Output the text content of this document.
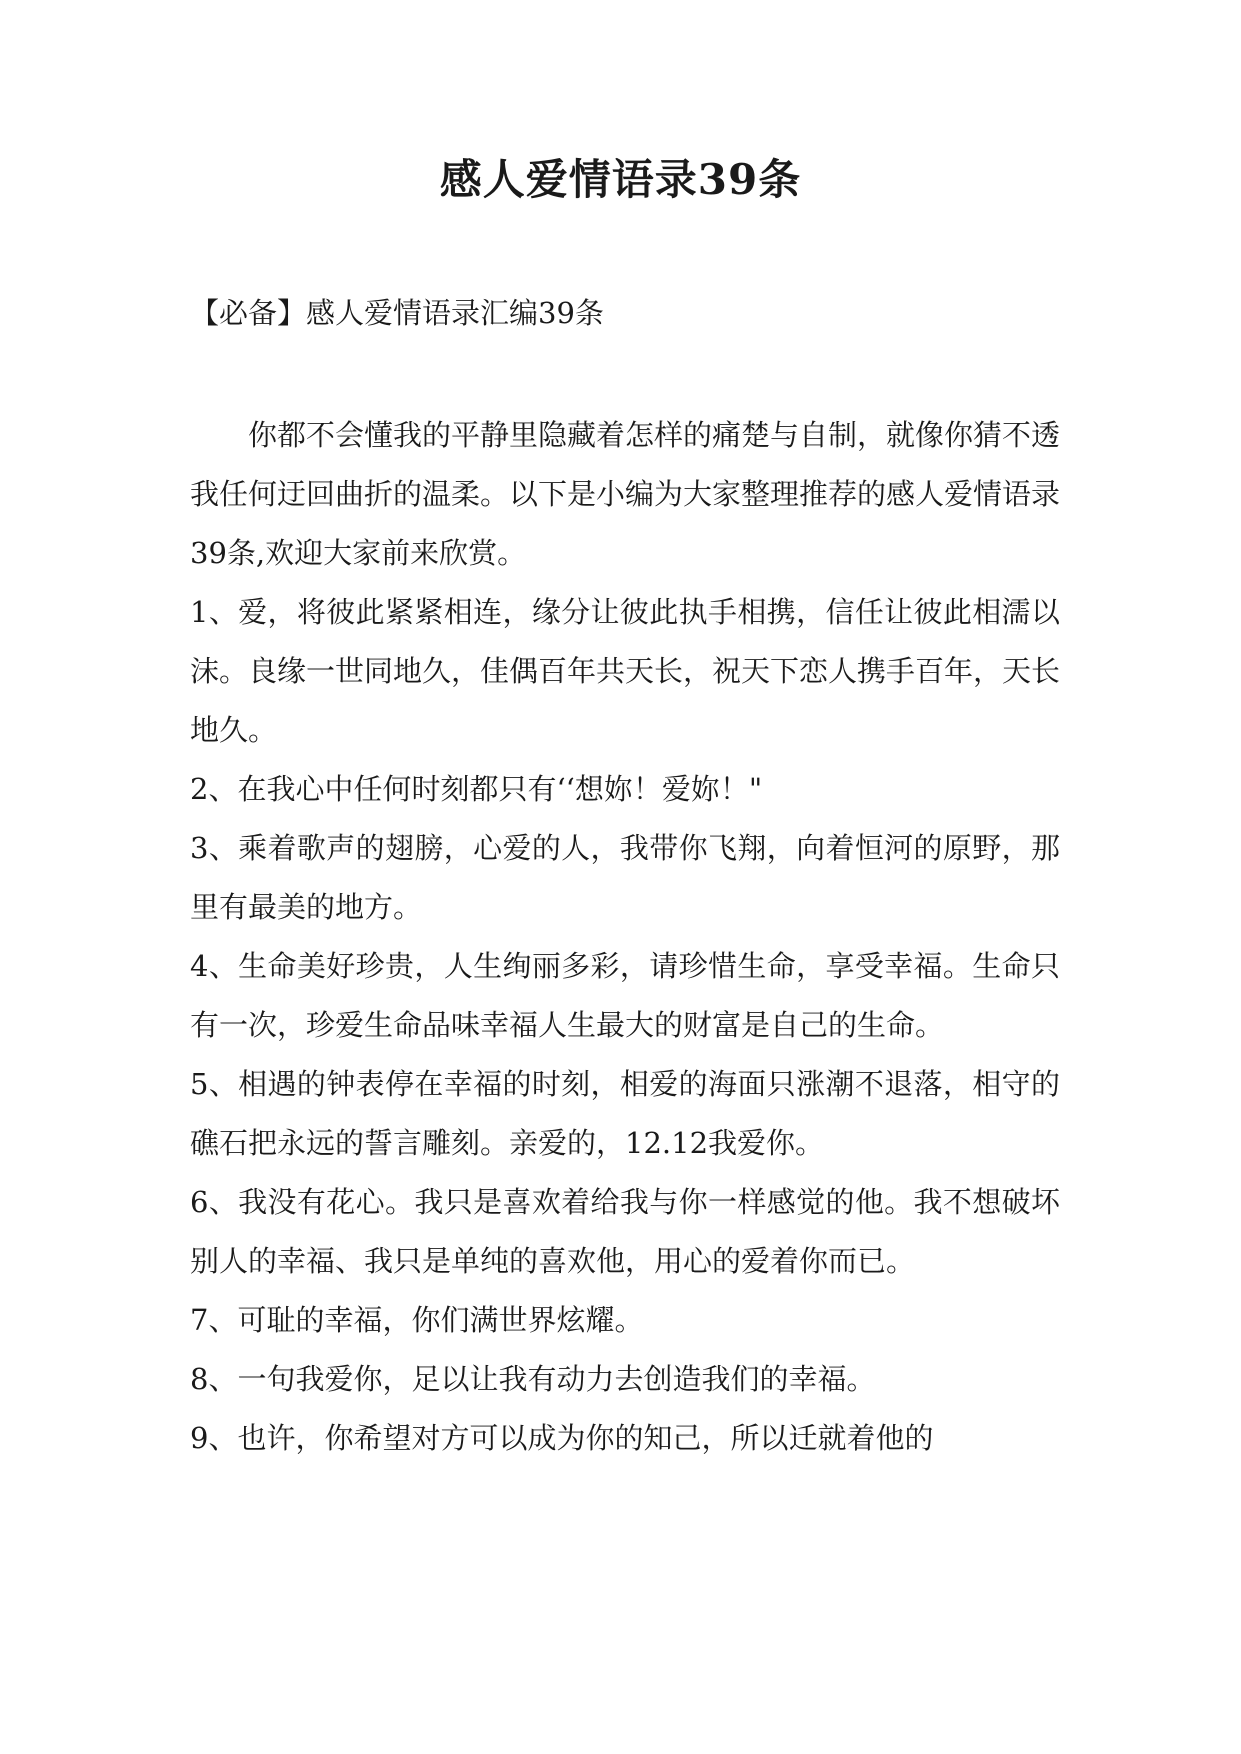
感人爱情语录39条
【必备】感人爱情语录汇编39条

你都不会懂我的平静里隐藏着怎样的痛楚与自制，就像你猜不透我任何迂回曲折的温柔。以下是小编为大家整理推荐的感人爱情语录39条,欢迎大家前来欣赏。

1、爱，将彼此紧紧相连，缘分让彼此执手相携，信任让彼此相濡以沫。良缘一世同地久，佳偶百年共天长，祝天下恋人携手百年，天长地久。

2、在我心中任何时刻都只有‘‘想妳！爱妳！"

3、乘着歌声的翅膀，心爱的人，我带你飞翔，向着恒河的原野，那里有最美的地方。

4、生命美好珍贵，人生绚丽多彩，请珍惜生命，享受幸福。生命只有一次，珍爱生命品味幸福人生最大的财富是自己的生命。

5、相遇的钟表停在幸福的时刻，相爱的海面只涨潮不退落，相守的礁石把永远的誓言雕刻。亲爱的，12.12我爱你。

6、我没有花心。我只是喜欢着给我与你一样感觉的他。我不想破坏别人的幸福、我只是单纯的喜欢他，用心的爱着你而已。

7、可耻的幸福，你们满世界炫耀。

8、一句我爱你，足以让我有动力去创造我们的幸福。

9、也许，你希望对方可以成为你的知己，所以迁就着他的
